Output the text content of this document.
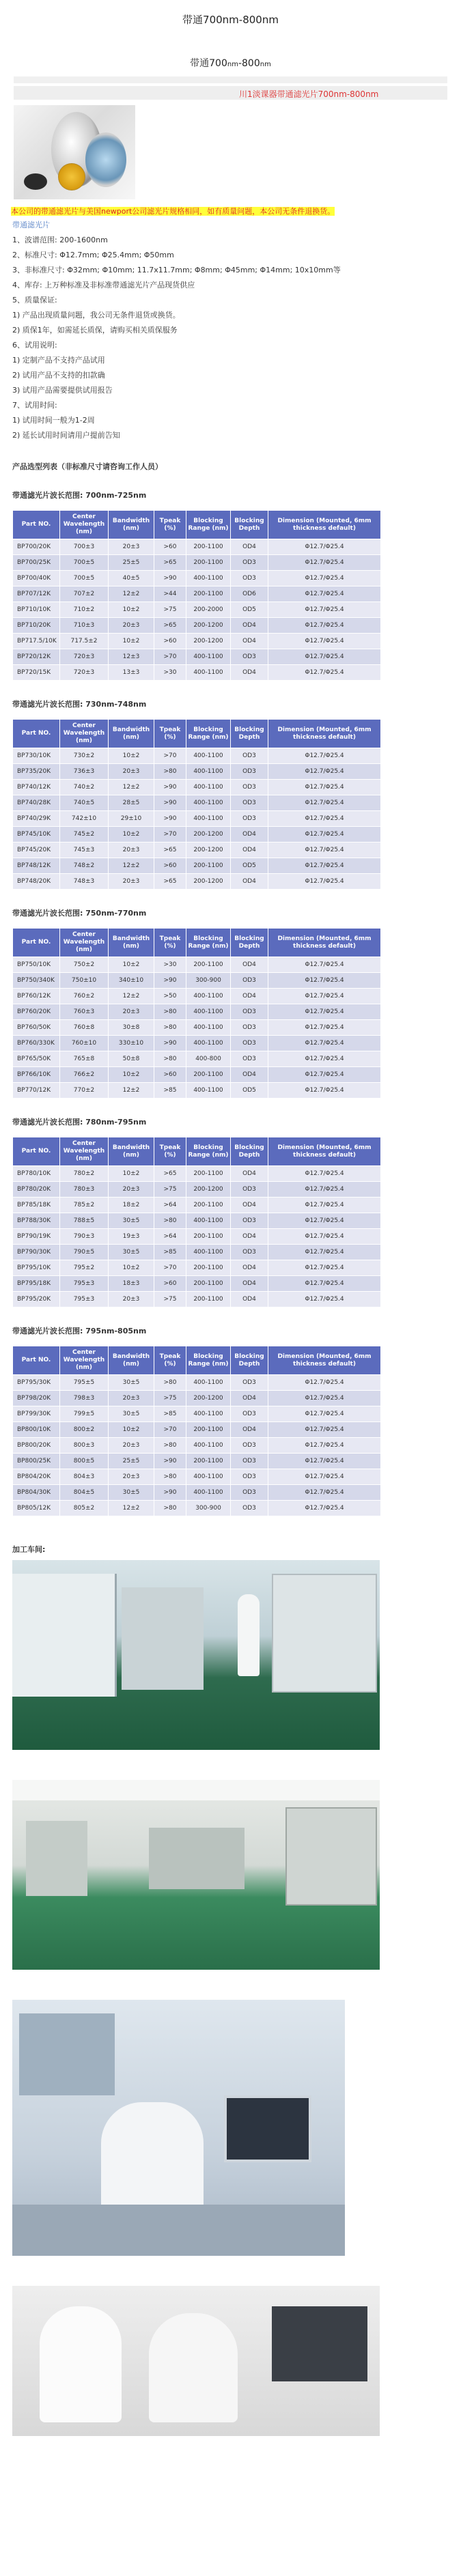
带通700nm-800nm
带通700nm-800nm
川1淡课器带通滤光片700nm-800nm
本公司的带通滤光片与美国newport公司滤光片规格相同，如有质量问题，本公司无条件退换货。
带通滤光片
1、波谱范围: 200-1600nm
2、标准尺寸: Φ12.7mm; Φ25.4mm; Φ50mm
3、非标准尺寸: Φ32mm; Φ10mm; 11.7x11.7mm; Φ8mm; Φ45mm; Φ14mm; 10x10mm等
4、库存: 上万种标准及非标准带通滤光片产品现货供应
5、质量保证:
1) 产品出现质量问题，我公司无条件退货或换货。
2) 质保1年，如需延长质保，请购买相关质保服务
6、试用说明:
1) 定制产品不支持产品试用
2) 试用产品不支持的扣款确
3) 试用产品需要提供试用报告
7、试用时间:
1) 试用时间一般为1-2周
2) 延长试用时间请用户提前告知
产品选型列表（非标准尺寸请咨询工作人员）
带通滤光片波长范围: 700nm-725nm
Part NO.	Center Wavelength (nm)	Bandwidth (nm)	Tpeak (%)	Blocking Range (nm)	Blocking Depth	Dimension (Mounted, 6mm thickness default)
BP700/20K	700±3	20±3	>60	200-1100	OD4	Φ12.7/Φ25.4
BP700/25K	700±5	25±5	>65	200-1100	OD3	Φ12.7/Φ25.4
BP700/40K	700±5	40±5	>90	400-1100	OD3	Φ12.7/Φ25.4
BP707/12K	707±2	12±2	>44	200-1100	OD6	Φ12.7/Φ25.4
BP710/10K	710±2	10±2	>75	200-2000	OD5	Φ12.7/Φ25.4
BP710/20K	710±3	20±3	>65	200-1200	OD4	Φ12.7/Φ25.4
BP717.5/10K	717.5±2	10±2	>60	200-1200	OD4	Φ12.7/Φ25.4
BP720/12K	720±3	12±3	>70	400-1100	OD3	Φ12.7/Φ25.4
BP720/15K	720±3	13±3	>30	400-1100	OD4	Φ12.7/Φ25.4
带通滤光片波长范围: 730nm-748nm
Part NO.	Center Wavelength (nm)	Bandwidth (nm)	Tpeak (%)	Blocking Range (nm)	Blocking Depth	Dimension (Mounted, 6mm thickness default)
BP730/10K	730±2	10±2	>70	400-1100	OD3	Φ12.7/Φ25.4
BP735/20K	736±3	20±3	>80	400-1100	OD3	Φ12.7/Φ25.4
BP740/12K	740±2	12±2	>90	400-1100	OD3	Φ12.7/Φ25.4
BP740/28K	740±5	28±5	>90	400-1100	OD3	Φ12.7/Φ25.4
BP740/29K	742±10	29±10	>90	400-1100	OD3	Φ12.7/Φ25.4
BP745/10K	745±2	10±2	>70	200-1200	OD4	Φ12.7/Φ25.4
BP745/20K	745±3	20±3	>65	200-1200	OD4	Φ12.7/Φ25.4
BP748/12K	748±2	12±2	>60	200-1100	OD5	Φ12.7/Φ25.4
BP748/20K	748±3	20±3	>65	200-1200	OD4	Φ12.7/Φ25.4
带通滤光片波长范围: 750nm-770nm
Part NO.	Center Wavelength (nm)	Bandwidth (nm)	Tpeak (%)	Blocking Range (nm)	Blocking Depth	Dimension (Mounted, 6mm thickness default)
BP750/10K	750±2	10±2	>30	200-1100	OD4	Φ12.7/Φ25.4
BP750/340K	750±10	340±10	>90	300-900	OD3	Φ12.7/Φ25.4
BP760/12K	760±2	12±2	>50	400-1100	OD4	Φ12.7/Φ25.4
BP760/20K	760±3	20±3	>80	400-1100	OD3	Φ12.7/Φ25.4
BP760/50K	760±8	30±8	>80	400-1100	OD3	Φ12.7/Φ25.4
BP760/330K	760±10	330±10	>90	400-1100	OD3	Φ12.7/Φ25.4
BP765/50K	765±8	50±8	>80	400-800	OD3	Φ12.7/Φ25.4
BP766/10K	766±2	10±2	>60	200-1100	OD4	Φ12.7/Φ25.4
BP770/12K	770±2	12±2	>85	400-1100	OD5	Φ12.7/Φ25.4
带通滤光片波长范围: 780nm-795nm
Part NO.	Center Wavelength (nm)	Bandwidth (nm)	Tpeak (%)	Blocking Range (nm)	Blocking Depth	Dimension (Mounted, 6mm thickness default)
BP780/10K	780±2	10±2	>65	200-1100	OD4	Φ12.7/Φ25.4
BP780/20K	780±3	20±3	>75	200-1200	OD3	Φ12.7/Φ25.4
BP785/18K	785±2	18±2	>64	200-1100	OD4	Φ12.7/Φ25.4
BP788/30K	788±5	30±5	>80	400-1100	OD3	Φ12.7/Φ25.4
BP790/19K	790±3	19±3	>64	200-1100	OD4	Φ12.7/Φ25.4
BP790/30K	790±5	30±5	>85	400-1100	OD3	Φ12.7/Φ25.4
BP795/10K	795±2	10±2	>70	200-1100	OD4	Φ12.7/Φ25.4
BP795/18K	795±3	18±3	>60	200-1100	OD4	Φ12.7/Φ25.4
BP795/20K	795±3	20±3	>75	200-1100	OD4	Φ12.7/Φ25.4
带通滤光片波长范围: 795nm-805nm
Part NO.	Center Wavelength (nm)	Bandwidth (nm)	Tpeak (%)	Blocking Range (nm)	Blocking Depth	Dimension (Mounted, 6mm thickness default)
BP795/30K	795±5	30±5	>80	400-1100	OD3	Φ12.7/Φ25.4
BP798/20K	798±3	20±3	>75	200-1200	OD4	Φ12.7/Φ25.4
BP799/30K	799±5	30±5	>85	400-1100	OD3	Φ12.7/Φ25.4
BP800/10K	800±2	10±2	>70	200-1100	OD4	Φ12.7/Φ25.4
BP800/20K	800±3	20±3	>80	400-1100	OD3	Φ12.7/Φ25.4
BP800/25K	800±5	25±5	>90	200-1100	OD3	Φ12.7/Φ25.4
BP804/20K	804±3	20±3	>80	400-1100	OD3	Φ12.7/Φ25.4
BP804/30K	804±5	30±5	>90	400-1100	OD3	Φ12.7/Φ25.4
BP805/12K	805±2	12±2	>80	300-900	OD3	Φ12.7/Φ25.4
加工车间:
